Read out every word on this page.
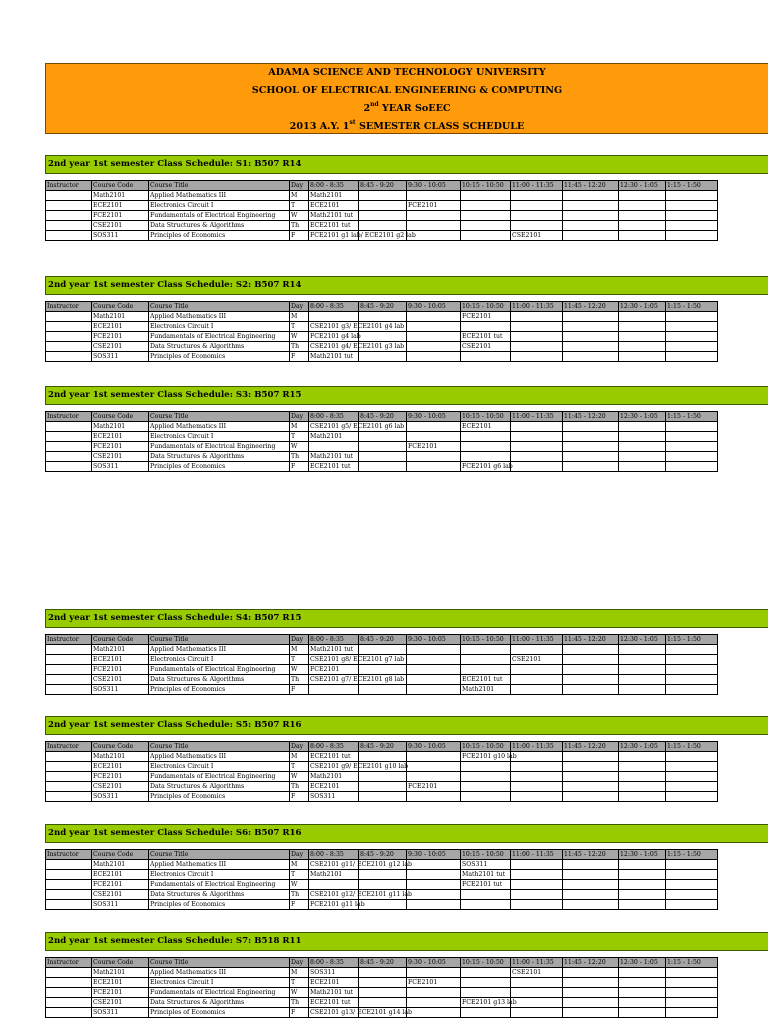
ADAMA SCIENCE AND TECHNOLOGY UNIVERSITY
SCHOOL OF ELECTRICAL ENGINEERING & COMPUTING
2nd YEAR SoEEC
2013 A.Y. 1st SEMESTER CLASS SCHEDULE
2nd year 1st semester Class Schedule: S1: B507 R14
Instructor	Course Code	Course Title	Day	8:00 - 8:35	8:45 - 9:20	9:30 - 10:05	10:15 - 10:50	11:00 - 11:35	11:45 - 12:20	12:30 - 1:05	1:15 - 1:50
	Math2101	Applied Mathematics III	M	Math2101							

	ECE2101	Electronics Circuit I	T	ECE2101		FCE2101					

	FCE2101	Fundamentals of Electrical Engineering	W	Math2101 tut							

	CSE2101	Data Structures & Algorithms	Th	ECE2101 tut							

	SOS311	Principles of Economics	F	FCE2101 g1 lab/ ECE2101 g2 lab				CSE2101			

2nd year 1st semester Class Schedule: S2: B507 R14
Instructor	Course Code	Course Title	Day	8:00 - 8:35	8:45 - 9:20	9:30 - 10:05	10:15 - 10:50	11:00 - 11:35	11:45 - 12:20	12:30 - 1:05	1:15 - 1:50
	Math2101	Applied Mathematics III	M				FCE2101				

	ECE2101	Electronics Circuit I	T	CSE2101 g3/ ECE2101 g4 lab							

	FCE2101	Fundamentals of Electrical Engineering	W	FCE2101 g4 lab			ECE2101 tut				

	CSE2101	Data Structures & Algorithms	Th	CSE2101 g4/ ECE2101 g3 lab			CSE2101				

	SOS311	Principles of Economics	F	Math2101 tut							

2nd year 1st semester Class Schedule: S3: B507 R15
Instructor	Course Code	Course Title	Day	8:00 - 8:35	8:45 - 9:20	9:30 - 10:05	10:15 - 10:50	11:00 - 11:35	11:45 - 12:20	12:30 - 1:05	1:15 - 1:50
	Math2101	Applied Mathematics III	M	CSE2101 g5/ ECE2101 g6 lab			ECE2101				

	ECE2101	Electronics Circuit I	T	Math2101							

	FCE2101	Fundamentals of Electrical Engineering	W			FCE2101					

	CSE2101	Data Structures & Algorithms	Th	Math2101 tut							

	SOS311	Principles of Economics	F	ECE2101 tut			FCE2101 g6 lab				

2nd year 1st semester Class Schedule: S4: B507 R15
Instructor	Course Code	Course Title	Day	8:00 - 8:35	8:45 - 9:20	9:30 - 10:05	10:15 - 10:50	11:00 - 11:35	11:45 - 12:20	12:30 - 1:05	1:15 - 1:50
	Math2101	Applied Mathematics III	M	Math2101 tut							

	ECE2101	Electronics Circuit I	T	CSE2101 g8/ ECE2101 g7 lab				CSE2101			

	FCE2101	Fundamentals of Electrical Engineering	W	FCE2101							

	CSE2101	Data Structures & Algorithms	Th	CSE2101 g7/ ECE2101 g8 lab			ECE2101 tut				

	SOS311	Principles of Economics	F				Math2101				

2nd year 1st semester Class Schedule: S5: B507 R16
Instructor	Course Code	Course Title	Day	8:00 - 8:35	8:45 - 9:20	9:30 - 10:05	10:15 - 10:50	11:00 - 11:35	11:45 - 12:20	12:30 - 1:05	1:15 - 1:50
	Math2101	Applied Mathematics III	M	ECE2101 tut			FCE2101 g10 lab				

	ECE2101	Electronics Circuit I	T	CSE2101 g9/ ECE2101 g10 lab							

	FCE2101	Fundamentals of Electrical Engineering	W	Math2101							

	CSE2101	Data Structures & Algorithms	Th	ECE2101		FCE2101					

	SOS311	Principles of Economics	F	SOS311							

2nd year 1st semester Class Schedule: S6: B507 R16
Instructor	Course Code	Course Title	Day	8:00 - 8:35	8:45 - 9:20	9:30 - 10:05	10:15 - 10:50	11:00 - 11:35	11:45 - 12:20	12:30 - 1:05	1:15 - 1:50
	Math2101	Applied Mathematics III	M	CSE2101 g11/ ECE2101 g12 lab			SOS311				

	ECE2101	Electronics Circuit I	T	Math2101			Math2101 tut				

	FCE2101	Fundamentals of Electrical Engineering	W				FCE2101 tut				

	CSE2101	Data Structures & Algorithms	Th	CSE2101 g12/ ECE2101 g11 lab							

	SOS311	Principles of Economics	F	FCE2101 g11 lab							

2nd year 1st semester Class Schedule: S7: B518 R11
Instructor	Course Code	Course Title	Day	8:00 - 8:35	8:45 - 9:20	9:30 - 10:05	10:15 - 10:50	11:00 - 11:35	11:45 - 12:20	12:30 - 1:05	1:15 - 1:50
	Math2101	Applied Mathematics III	M	SOS311				CSE2101			

	ECE2101	Electronics Circuit I	T	ECE2101		FCE2101					

	FCE2101	Fundamentals of Electrical Engineering	W	Math2101 tut							

	CSE2101	Data Structures & Algorithms	Th	ECE2101 tut			FCE2101 g13 lab				

	SOS311	Principles of Economics	F	CSE2101 g13/ ECE2101 g14 lab							
